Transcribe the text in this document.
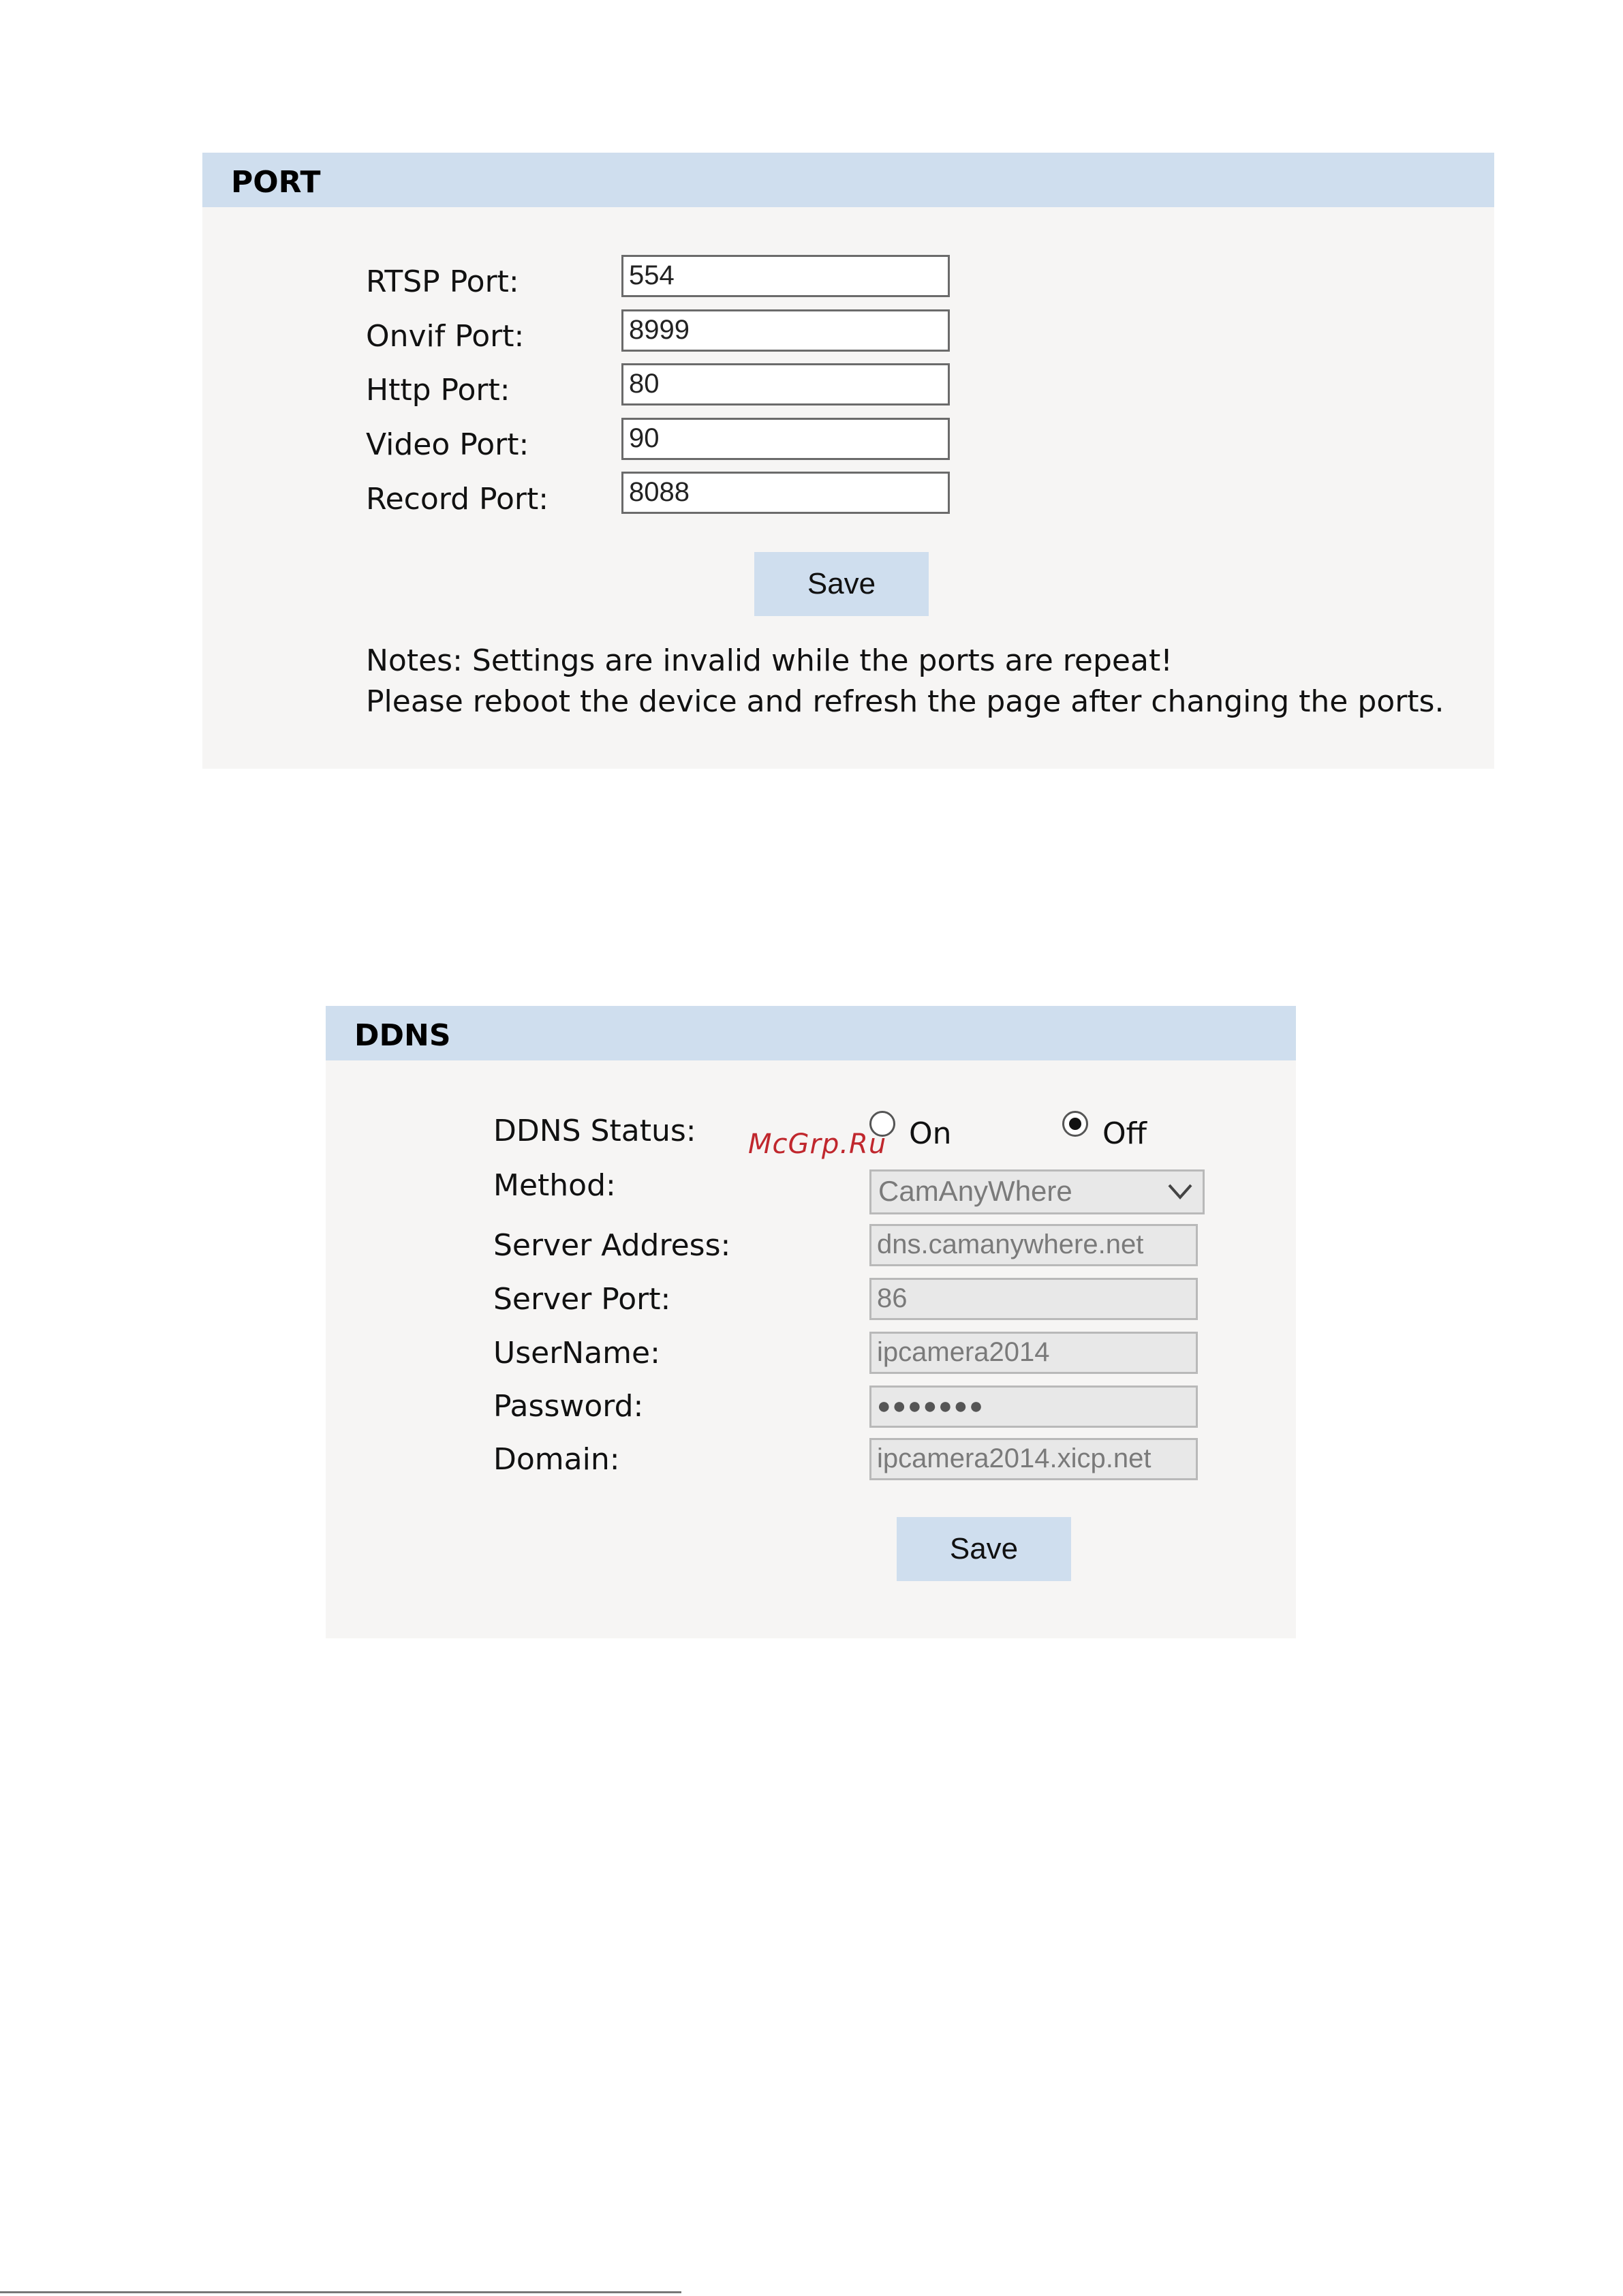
PORT
RTSP Port:	554
Onvif Port:	8999
Http Port:	80
Video Port:	90
Record Port:	8088
Save
Notes: Settings are invalid while the ports are repeat!
Please reboot the device and refresh the page after changing the ports.
DDNS
DDNS Status:	On	Off
Method:	CamAnyWhere
Server Address:	dns.camanywhere.net
Server Port:	86
UserName:	ipcamera2014
Password:	●●●●●●●
Domain:	ipcamera2014.xicp.net
Save
McGrp.Ru
